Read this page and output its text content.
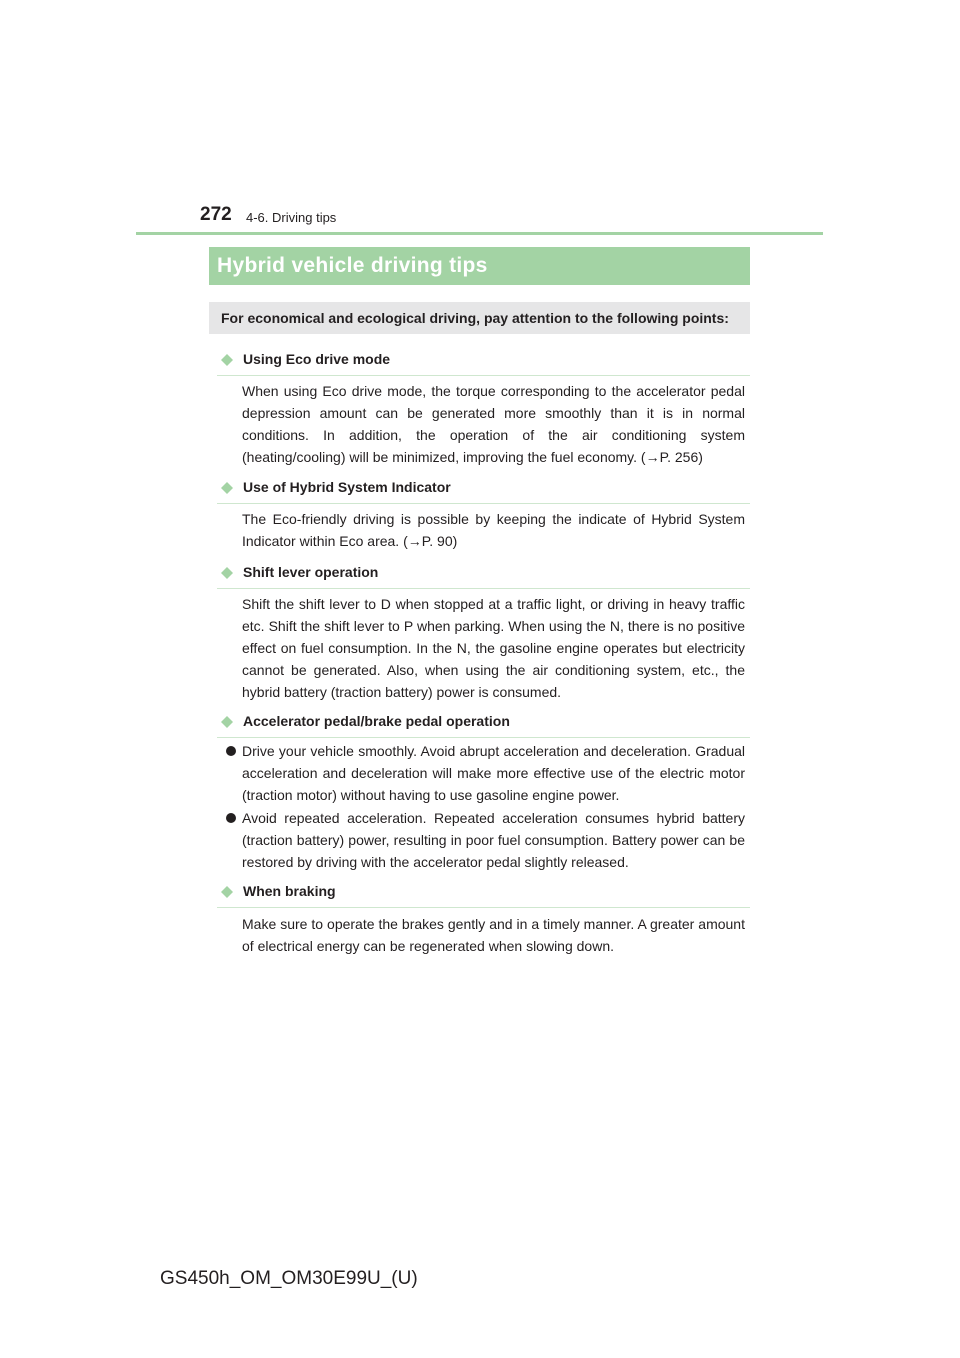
272 4-6. Driving tips
Hybrid vehicle driving tips
For economical and ecological driving, pay attention to the following points:
Using Eco drive mode

When using Eco drive mode, the torque corresponding to the accelerator pedal depression amount can be generated more smoothly than it is in normal conditions. In addition, the operation of the air conditioning system (heating/cooling) will be minimized, improving the fuel economy. (→P. 256)

Use of Hybrid System Indicator

The Eco-friendly driving is possible by keeping the indicate of Hybrid System Indicator within Eco area. (→P. 90)

Shift lever operation

Shift the shift lever to D when stopped at a traffic light, or driving in heavy traffic etc. Shift the shift lever to P when parking. When using the N, there is no positive effect on fuel consumption. In the N, the gasoline engine operates but electricity cannot be generated. Also, when using the air conditioning system, etc., the hybrid battery (traction battery) power is consumed.

Accelerator pedal/brake pedal operation

Drive your vehicle smoothly. Avoid abrupt acceleration and deceleration. Gradual acceleration and deceleration will make more effective use of the electric motor (traction motor) without having to use gasoline engine power.

Avoid repeated acceleration. Repeated acceleration consumes hybrid battery (traction battery) power, resulting in poor fuel consumption. Battery power can be restored by driving with the accelerator pedal slightly released.

When braking

Make sure to operate the brakes gently and in a timely manner. A greater amount of electrical energy can be regenerated when slowing down.

GS450h_OM_OM30E99U_(U)
